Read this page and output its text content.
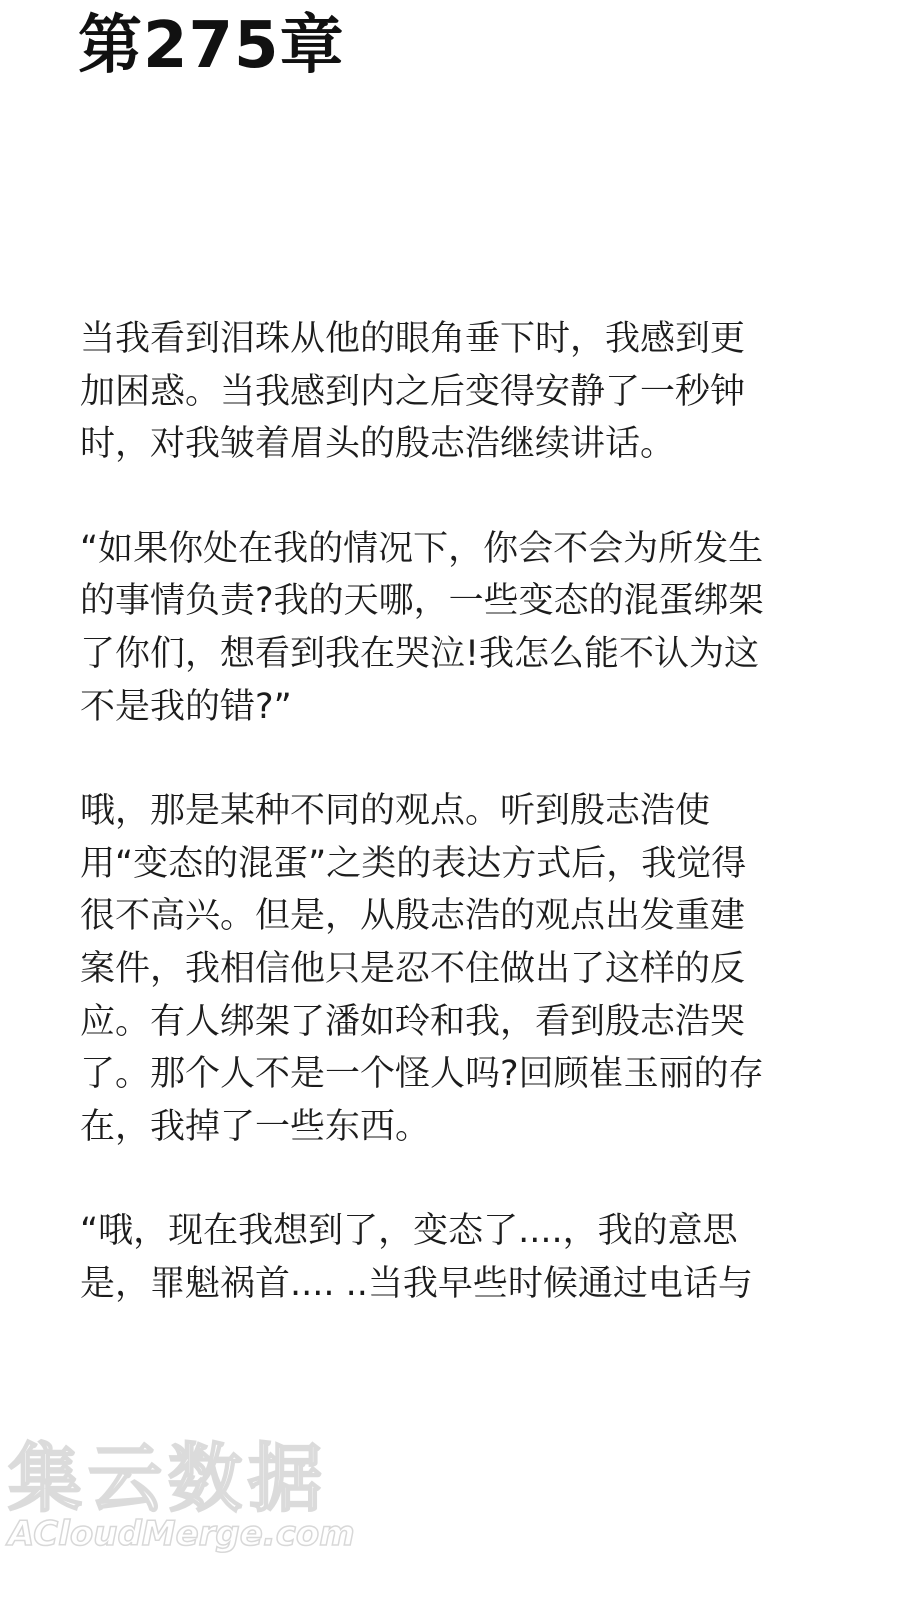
第275章

当我看到泪珠从他的眼角垂下时，我感到更
加困惑。当我感到内之后变得安静了一秒钟
时，对我皱着眉头的殷志浩继续讲话。

“如果你处在我的情况下，你会不会为所发生
的事情负责?我的天哪，一些变态的混蛋绑架
了你们，想看到我在哭泣!我怎么能不认为这
不是我的错?”

哦，那是某种不同的观点。听到殷志浩使
用“变态的混蛋”之类的表达方式后，我觉得
很不高兴。但是，从殷志浩的观点出发重建
案件，我相信他只是忍不住做出了这样的反
应。有人绑架了潘如玲和我，看到殷志浩哭
了。那个人不是一个怪人吗?回顾崔玉丽的存
在，我掉了一些东西。

“哦，现在我想到了，变态了....，我的意思
是，罪魁祸首.... ..当我早些时候通过电话与

集云数据
ACloudMerge.com
